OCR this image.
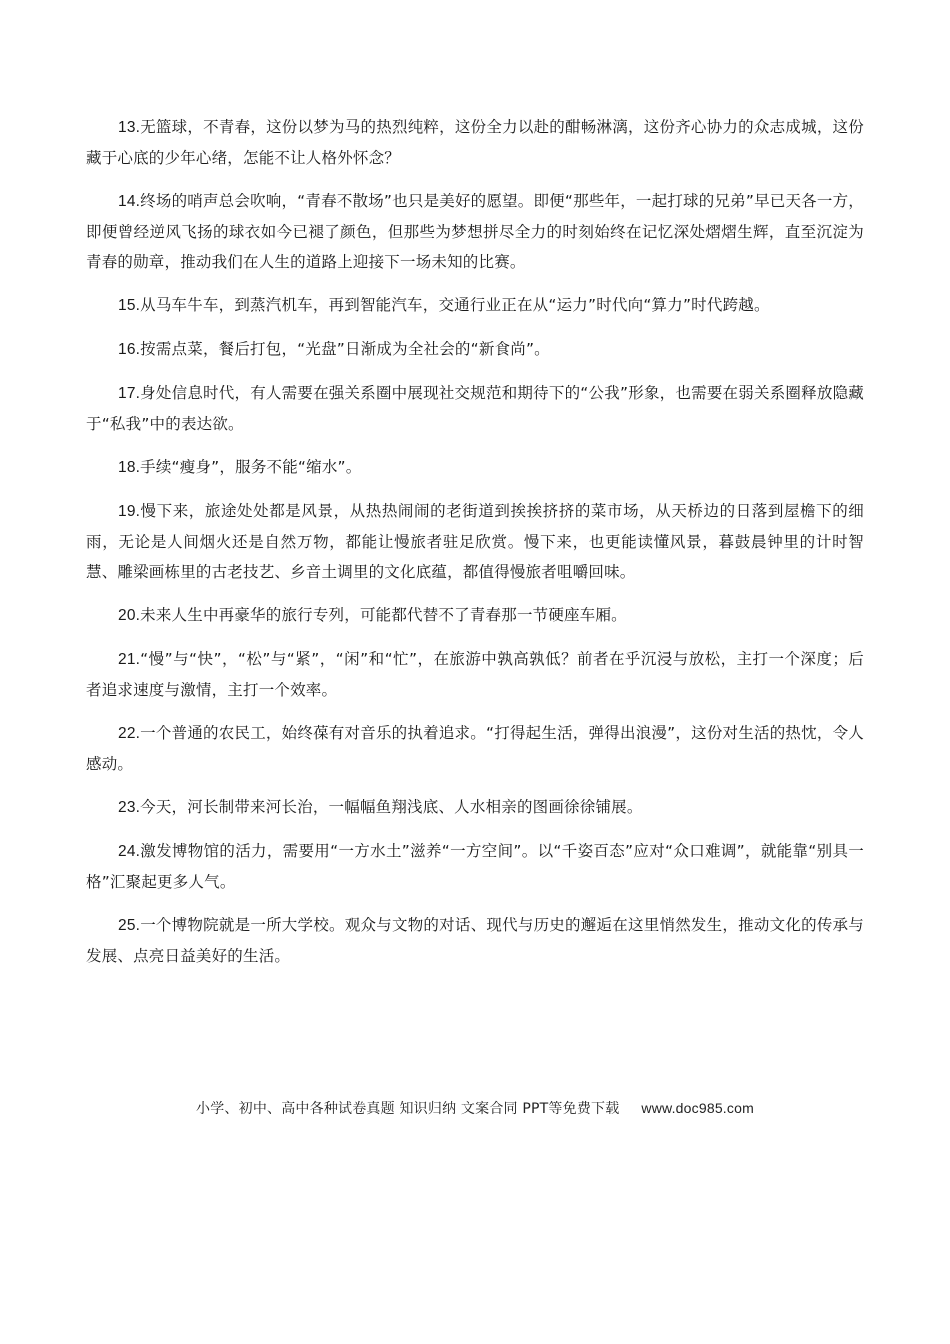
13.无篮球，不青春，这份以梦为马的热烈纯粹，这份全力以赴的酣畅淋漓，这份齐心协力的众志成城，这份藏于心底的少年心绪，怎能不让人格外怀念？

14.终场的哨声总会吹响，“青春不散场”也只是美好的愿望。即便“那些年，一起打球的兄弟”早已天各一方，即便曾经逆风飞扬的球衣如今已褪了颜色，但那些为梦想拼尽全力的时刻始终在记忆深处熠熠生辉，直至沉淀为青春的勋章，推动我们在人生的道路上迎接下一场未知的比赛。

15.从马车牛车，到蒸汽机车，再到智能汽车，交通行业正在从“运力”时代向“算力”时代跨越。

16.按需点菜，餐后打包，“光盘”日渐成为全社会的“新食尚”。

17.身处信息时代，有人需要在强关系圈中展现社交规范和期待下的“公我”形象，也需要在弱关系圈释放隐藏于“私我”中的表达欲。

18.手续“瘦身”，服务不能“缩水”。

19.慢下来，旅途处处都是风景，从热热闹闹的老街道到挨挨挤挤的菜市场，从天桥边的日落到屋檐下的细雨，无论是人间烟火还是自然万物，都能让慢旅者驻足欣赏。慢下来，也更能读懂风景，暮鼓晨钟里的计时智慧、雕梁画栋里的古老技艺、乡音土调里的文化底蕴，都值得慢旅者咀嚼回味。

20.未来人生中再豪华的旅行专列，可能都代替不了青春那一节硬座车厢。

21.“慢”与“快”，“松”与“紧”，“闲”和“忙”，在旅游中孰高孰低？前者在乎沉浸与放松，主打一个深度；后者追求速度与激情，主打一个效率。

22.一个普通的农民工，始终葆有对音乐的执着追求。“打得起生活，弹得出浪漫”，这份对生活的热忱，令人感动。

23.今天，河长制带来河长治，一幅幅鱼翔浅底、人水相亲的图画徐徐铺展。

24.激发博物馆的活力，需要用“一方水土”滋养“一方空间”。以“千姿百态”应对“众口难调”，就能靠“别具一格”汇聚起更多人气。

25.一个博物院就是一所大学校。观众与文物的对话、现代与历史的邂逅在这里悄然发生，推动文化的传承与发展、点亮日益美好的生活。

小学、初中、高中各种试卷真题 知识归纳 文案合同 PPT等免费下载 www.doc985.com
